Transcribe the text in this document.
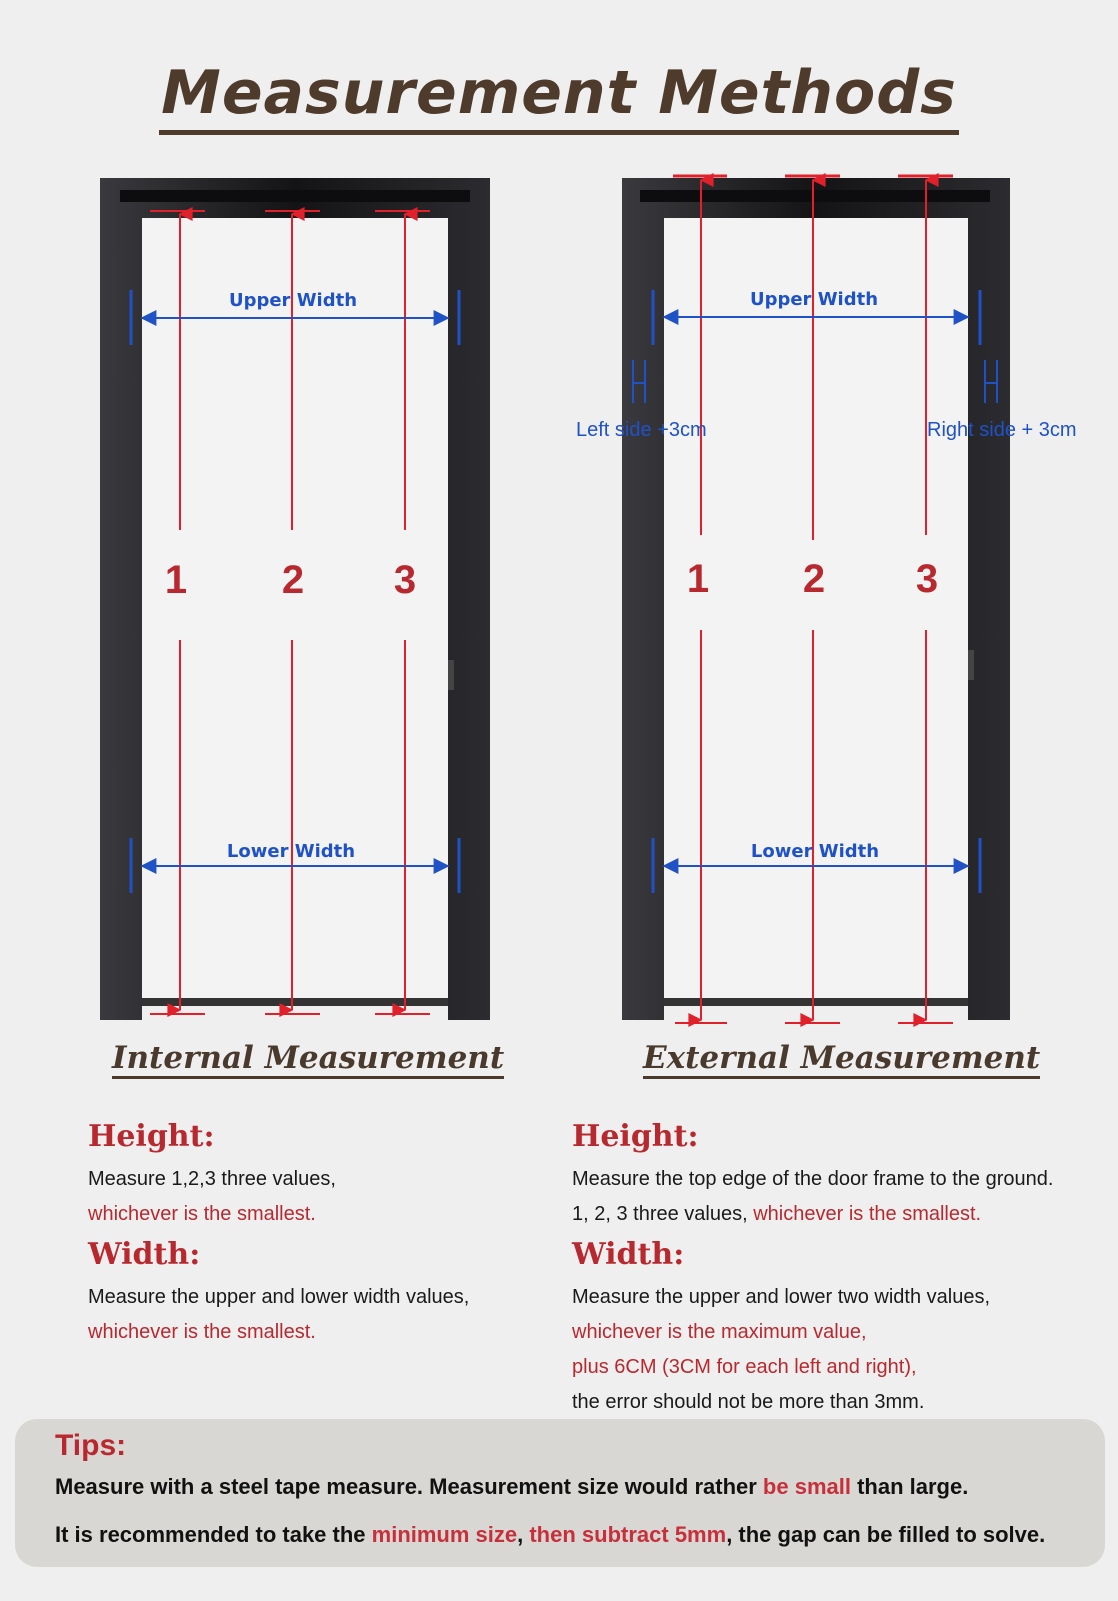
Measurement Methods
Upper Width
Lower Width
1 2 3
Upper Width
Lower Width
Left side +3cm	Right side + 3cm
1 2 3
Internal Measurement	External Measurement
Height:
Measure 1,2,3 three values,
whichever is the smallest.
Width:
Measure the upper and lower width values,
whichever is the smallest.
Height:
Measure the top edge of the door frame to the ground.
1, 2, 3 three values, whichever is the smallest.
Width:
Measure the upper and lower two width values,
whichever is the maximum value,
plus 6CM (3CM for each left and right),
the error should not be more than 3mm.
Tips:
Measure with a steel tape measure. Measurement size would rather be small than large.
It is recommended to take the minimum size, then subtract 5mm, the gap can be filled to solve.
